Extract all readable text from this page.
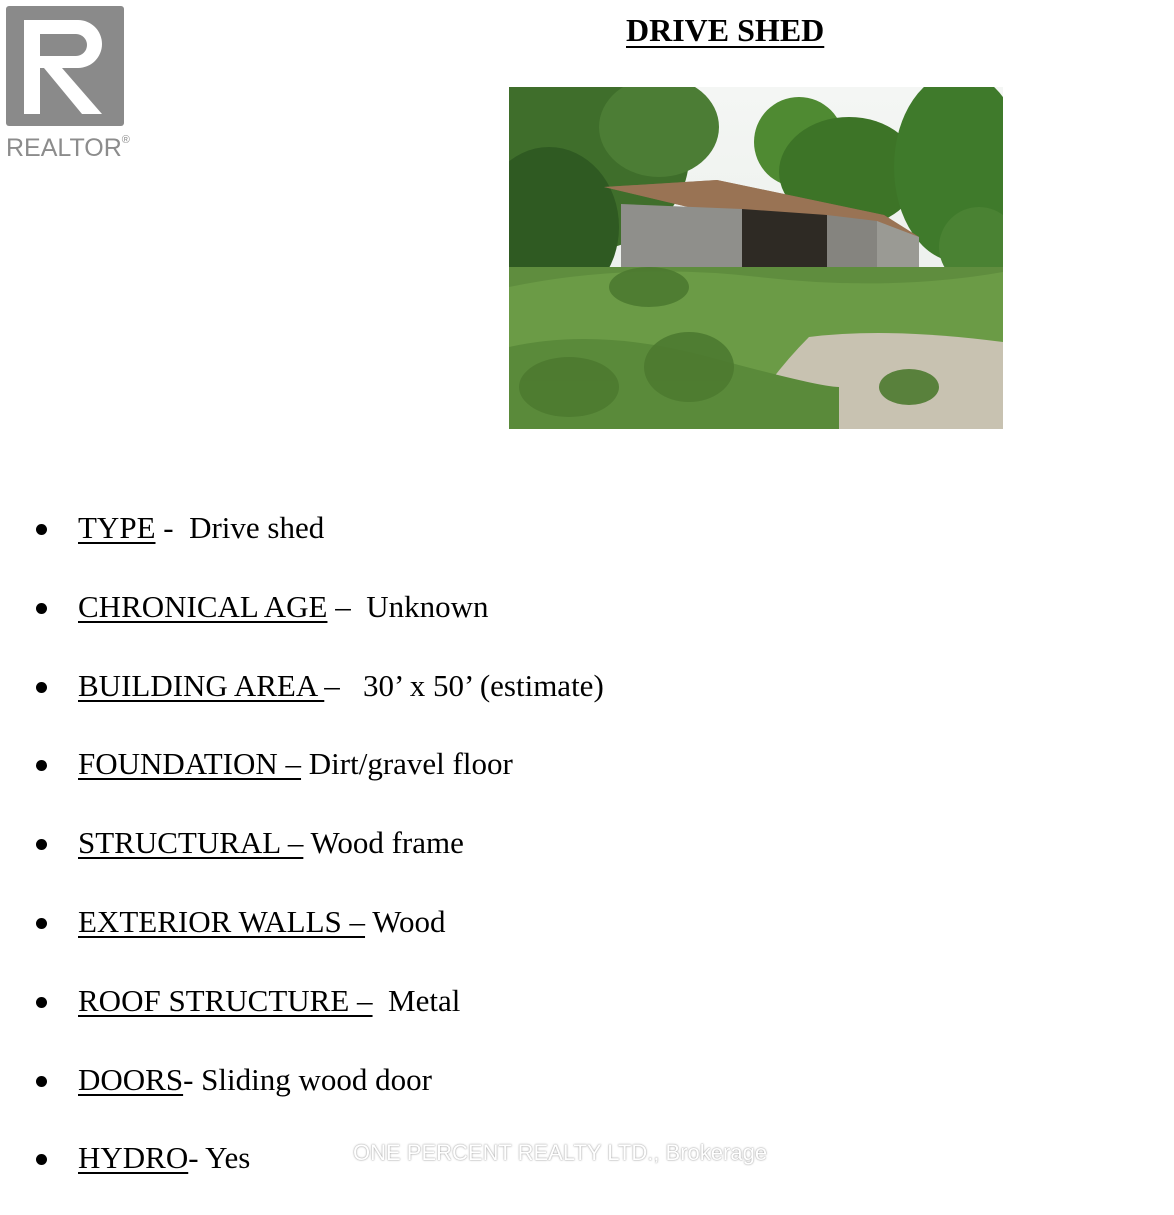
REALTOR®
DRIVE SHED
TYPE -  Drive shed
CHRONICAL AGE –  Unknown
BUILDING AREA –   30’ x 50’ (estimate)
FOUNDATION – Dirt/gravel floor
STRUCTURAL – Wood frame
EXTERIOR WALLS – Wood
ROOF STRUCTURE – Metal
DOORS- Sliding wood door
HYDRO- Yes	ONE PERCENT REALTY LTD., Brokerage
